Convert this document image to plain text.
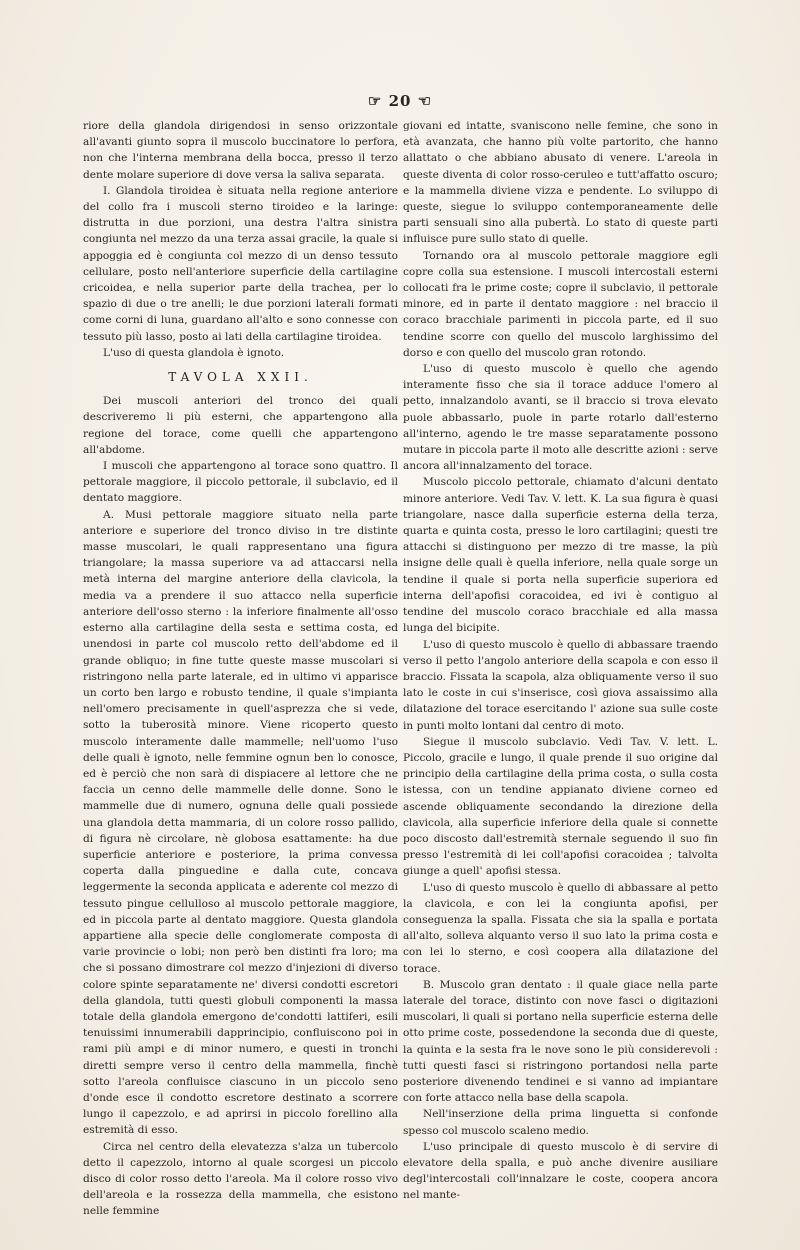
☞ 20 ☜

riore della glandola dirigendosi in senso orizzontale all'avanti giunto sopra il muscolo buccinatore lo perfora, non che l'interna membrana della bocca, presso il terzo dente molare superiore di dove versa la saliva separata.

I. Glandola tiroidea è situata nella regione anteriore del collo fra i muscoli sterno tiroideo e la laringe: distrutta in due porzioni, una destra l'altra sinistra congiunta nel mezzo da una terza assai gracile, la quale si appoggia ed è congiunta col mezzo di un denso tessuto cellulare, posto nell'anteriore superficie della cartilagine cricoidea, e nella superior parte della trachea, per lo spazio di due o tre anelli; le due porzioni laterali formati come corni di luna, guardano all'alto e sono connesse con tessuto più lasso, posto ai lati della cartilagine tiroidea.

L'uso di questa glandola è ignoto.

TAVOLA XXII.

Dei muscoli anteriori del tronco dei quali descriveremo li più esterni, che appartengono alla regione del torace, come quelli che appartengono all'abdome.

I muscoli che appartengono al torace sono quattro. Il pettorale maggiore, il piccolo pettorale, il subclavio, ed il dentato maggiore.

A. Musi pettorale maggiore situato nella parte anteriore e superiore del tronco diviso in tre distinte masse muscolari, le quali rappresentano una figura triangolare; la massa superiore va ad attaccarsi nella metà interna del margine anteriore della clavicola, la media va a prendere il suo attacco nella superficie anteriore dell'osso sterno : la inferiore finalmente all'osso esterno alla cartilagine della sesta e settima costa, ed unendosi in parte col muscolo retto dell'abdome ed il grande obliquo; in fine tutte queste masse muscolari si ristringono nella parte laterale, ed in ultimo vi apparisce un corto ben largo e robusto tendine, il quale s'impianta nell'omero precisamente in quell'asprezza che si vede, sotto la tuberosità minore. Viene ricoperto questo muscolo interamente dalle mammelle; nell'uomo l'uso delle quali è ignoto, nelle femmine ognun ben lo conosce, ed è perciò che non sarà di dispiacere al lettore che ne faccia un cenno delle mammelle delle donne. Sono le mammelle due di numero, ognuna delle quali possiede una glandola detta mammaria, di un colore rosso pallido, di figura nè circolare, nè globosa esattamente: ha due superficie anteriore e posteriore, la prima convessa coperta dalla pinguedine e dalla cute, concava leggermente la seconda applicata e aderente col mezzo di tessuto pingue cellulloso al muscolo pettorale maggiore, ed in piccola parte al dentato maggiore. Questa glandola appartiene alla specie delle conglomerate composta di varie provincie o lobi; non però ben distinti fra loro; ma che si possano dimostrare col mezzo d'injezioni di diverso colore spinte separatamente ne' diversi condotti escretori della glandola, tutti questi globuli componenti la massa totale della glandola emergono de'condotti lattiferi, esili tenuissimi innumerabili dapprincipio, confluiscono poi in rami più ampi e di minor numero, e questi in tronchi diretti sempre verso il centro della mammella, finchè sotto l'areola confluisce ciascuno in un piccolo seno d'onde esce il condotto escretore destinato a scorrere lungo il capezzolo, e ad aprirsi in piccolo forellino alla estremità di esso.

Circa nel centro della elevatezza s'alza un tubercolo detto il capezzolo, intorno al quale scorgesi un piccolo disco di color rosso detto l'areola. Ma il colore rosso vivo dell'areola e la rossezza della mammella, che esistono nelle femmine

giovani ed intatte, svaniscono nelle femine, che sono in età avanzata, che hanno più volte partorito, che hanno allattato o che abbiano abusato di venere. L'areola in queste diventa di color rosso-ceruleo e tutt'affatto oscuro; e la mammella diviene vizza e pendente. Lo sviluppo di queste, siegue lo sviluppo contemporaneamente delle parti sensuali sino alla pubertà. Lo stato di queste parti influisce pure sullo stato di quelle.

Tornando ora al muscolo pettorale maggiore egli copre colla sua estensione. I muscoli intercostali esterni collocati fra le prime coste; copre il subclavio, il pettorale minore, ed in parte il dentato maggiore : nel braccio il coraco bracchiale parimenti in piccola parte, ed il suo tendine scorre con quello del muscolo larghissimo del dorso e con quello del muscolo gran rotondo.

L'uso di questo muscolo è quello che agendo interamente fisso che sia il torace adduce l'omero al petto, innalzandolo avanti, se il braccio si trova elevato puole abbassarlo, puole in parte rotarlo dall'esterno all'interno, agendo le tre masse separatamente possono mutare in piccola parte il moto alle descritte azioni : serve ancora all'innalzamento del torace.

Muscolo piccolo pettorale, chiamato d'alcuni dentato minore anteriore. Vedi Tav. V. lett. K. La sua figura è quasi triangolare, nasce dalla superficie esterna della terza, quarta e quinta costa, presso le loro cartilagini; questi tre attacchi si distinguono per mezzo di tre masse, la più insigne delle quali è quella inferiore, nella quale sorge un tendine il quale si porta nella superficie superiora ed interna dell'apofisi coracoidea, ed ivi è contiguo al tendine del muscolo coraco bracchiale ed alla massa lunga del bicipite.

L'uso di questo muscolo è quello di abbassare traendo verso il petto l'angolo anteriore della scapola e con esso il braccio. Fissata la scapola, alza obliquamente verso il suo lato le coste in cui s'inserisce, così giova assaissimo alla dilatazione del torace esercitando l' azione sua sulle coste in punti molto lontani dal centro di moto.

Siegue il muscolo subclavio. Vedi Tav. V. lett. L. Piccolo, gracile e lungo, il quale prende il suo origine dal principio della cartilagine della prima costa, o sulla costa istessa, con un tendine appianato diviene corneo ed ascende obliquamente secondando la direzione della clavicola, alla superficie inferiore della quale si connette poco discosto dall'estremità sternale seguendo il suo fin presso l'estremità di lei coll'apofisi coracoidea ; talvolta giunge a quell' apofisi stessa.

L'uso di questo muscolo è quello di abbassare al petto la clavicola, e con lei la congiunta apofisi, per conseguenza la spalla. Fissata che sia la spalla e portata all'alto, solleva alquanto verso il suo lato la prima costa e con lei lo sterno, e così coopera alla dilatazione del torace.

B. Muscolo gran dentato : il quale giace nella parte laterale del torace, distinto con nove fasci o digitazioni muscolari, li quali si portano nella superficie esterna delle otto prime coste, possedendone la seconda due di queste, la quinta e la sesta fra le nove sono le più considerevoli : tutti questi fasci si ristringono portandosi nella parte posteriore divenendo tendinei e si vanno ad impiantare con forte attacco nella base della scapola.

Nell'inserzione della prima linguetta si confonde spesso col muscolo scaleno medio.

L'uso principale di questo muscolo è di servire di elevatore della spalla, e può anche divenire ausiliare degl'intercostali coll'innalzare le coste, coopera ancora nel mante-
